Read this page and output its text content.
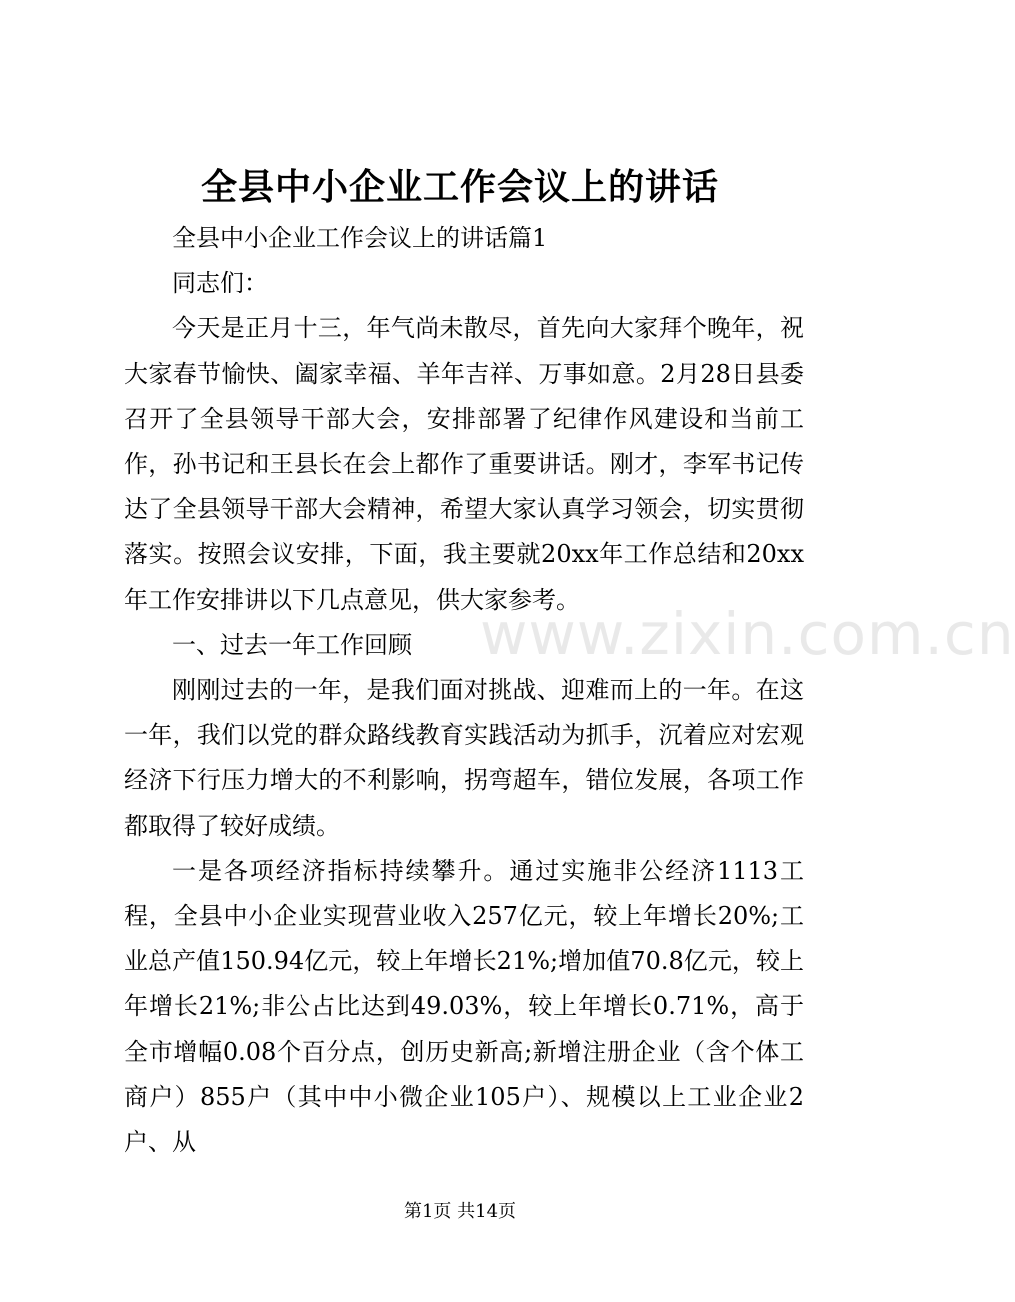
全县中小企业工作会议上的讲话

全县中小企业工作会议上的讲话篇1

同志们：

今天是正月十三，年气尚未散尽，首先向大家拜个晚年，祝大家春节愉快、阖家幸福、羊年吉祥、万事如意。2月28日县委召开了全县领导干部大会，安排部署了纪律作风建设和当前工作，孙书记和王县长在会上都作了重要讲话。刚才，李军书记传达了全县领导干部大会精神，希望大家认真学习领会，切实贯彻落实。按照会议安排，下面，我主要就20xx年工作总结和20xx年工作安排讲以下几点意见，供大家参考。

一、过去一年工作回顾

刚刚过去的一年，是我们面对挑战、迎难而上的一年。在这一年，我们以党的群众路线教育实践活动为抓手，沉着应对宏观经济下行压力增大的不利影响，拐弯超车，错位发展，各项工作都取得了较好成绩。

一是各项经济指标持续攀升。通过实施非公经济1113工程，全县中小企业实现营业收入257亿元，较上年增长20%;工业总产值150.94亿元，较上年增长21%;增加值70.8亿元，较上年增长21%;非公占比达到49.03%，较上年增长0.71%，高于全市增幅0.08个百分点，创历史新高;新增注册企业（含个体工商户）855户（其中中小微企业105户）、规模以上工业企业2户、从

www.zixin.com.cn
第1页 共14页
